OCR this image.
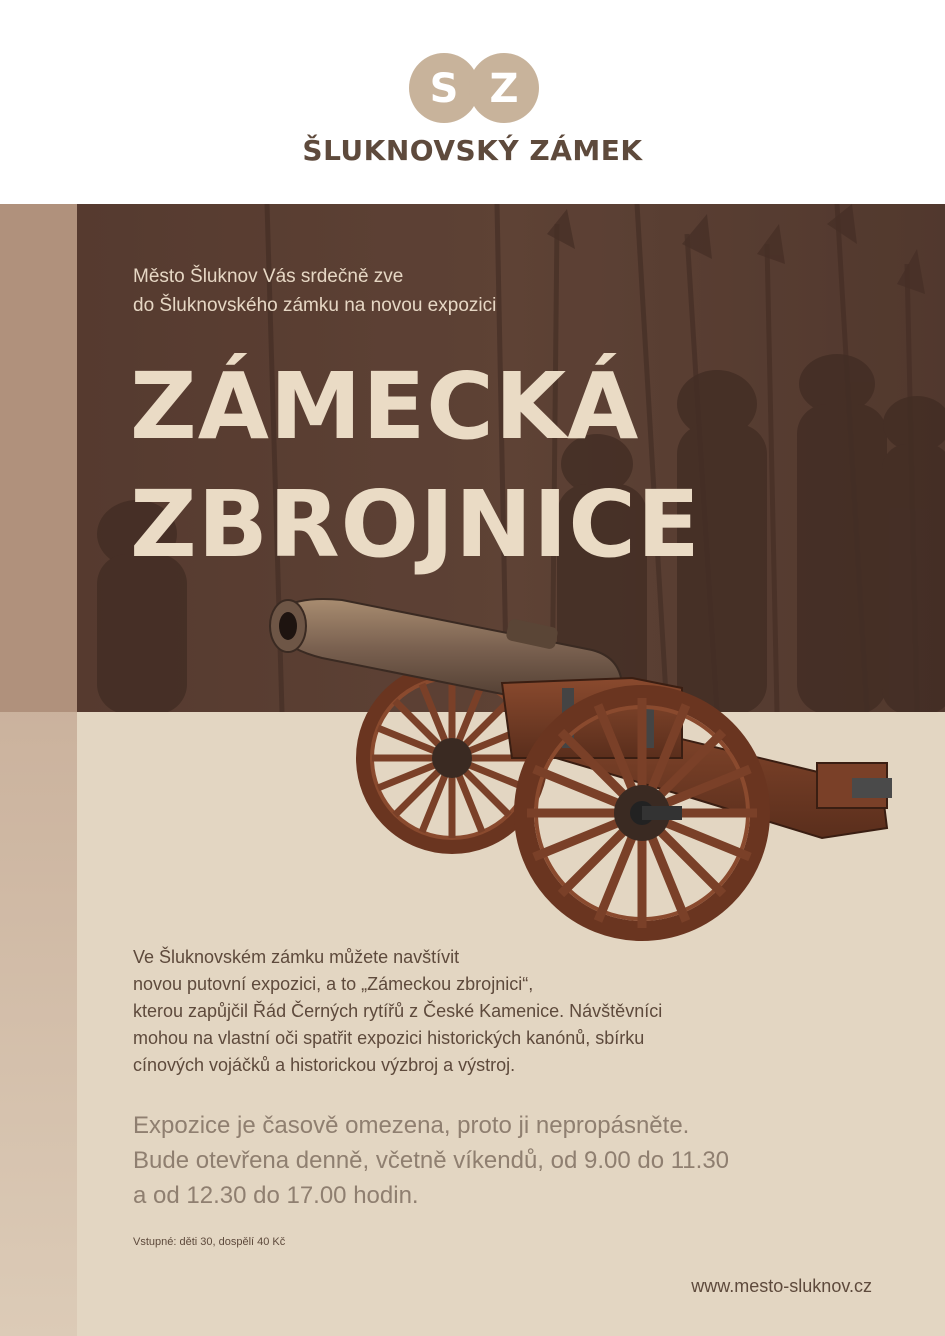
S Z
ŠLUKNOVSKÝ ZÁMEK
Město Šluknov Vás srdečně zve
do Šluknovského zámku na novou expozici
ZÁMECKÁ
ZBROJNICE
Ve Šluknovském zámku můžete navštívit
novou putovní expozici, a to „Zámeckou zbrojnici“,
kterou zapůjčil Řád Černých rytířů z České Kamenice. Návštěvníci
mohou na vlastní oči spatřit expozici historických kanónů, sbírku
cínových vojáčků a historickou výzbroj a výstroj.
Expozice je časově omezena, proto ji nepropásněte.
Bude otevřena denně, včetně víkendů, od 9.00 do 11.30
a od 12.30 do 17.00 hodin.
Vstupné: děti 30, dospělí 40 Kč
www.mesto-sluknov.cz
